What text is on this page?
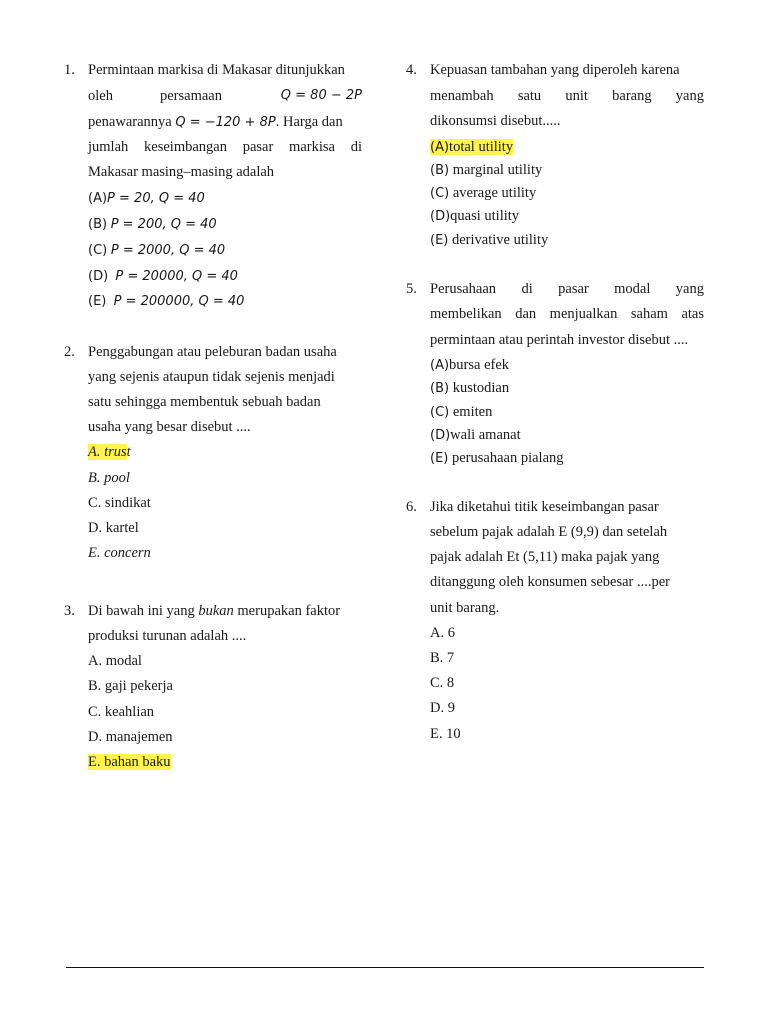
1. Permintaan markisa di Makasar ditunjukkan
oleh	persamaan	Q = 80 − 2P
penawarannya Q = −120 + 8P. Harga dan
jumlah keseimbangan pasar markisa di
Makasar masing–masing adalah
(A)P = 20, Q = 40
(B) P = 200, Q = 40
(C) P = 2000, Q = 40
(D) P = 20000, Q = 40
(E) P = 200000, Q = 40
2. Penggabungan atau peleburan badan usaha
yang sejenis ataupun tidak sejenis menjadi
satu sehingga membentuk sebuah badan
usaha yang besar disebut ....
A. trust
B. pool
C. sindikat
D. kartel
E. concern
3. Di bawah ini yang bukan merupakan faktor
produksi turunan adalah ....
A. modal
B. gaji pekerja
C. keahlian
D. manajemen
E. bahan baku
4. Kepuasan tambahan yang diperoleh karena
menambah satu unit barang yang
dikonsumsi disebut.....
(A)total utility
(B) marginal utility
(C) average utility
(D)quasi utility
(E) derivative utility
5. Perusahaan di pasar modal yang
membelikan dan menjualkan saham atas
permintaan atau perintah investor disebut ....
(A)bursa efek
(B) kustodian
(C) emiten
(D)wali amanat
(E) perusahaan pialang
6. Jika diketahui titik keseimbangan pasar
sebelum pajak adalah E (9,9) dan setelah
pajak adalah Et (5,11) maka pajak yang
ditanggung oleh konsumen sebesar ....per
unit barang.
A. 6
B. 7
C. 8
D. 9
E. 10
